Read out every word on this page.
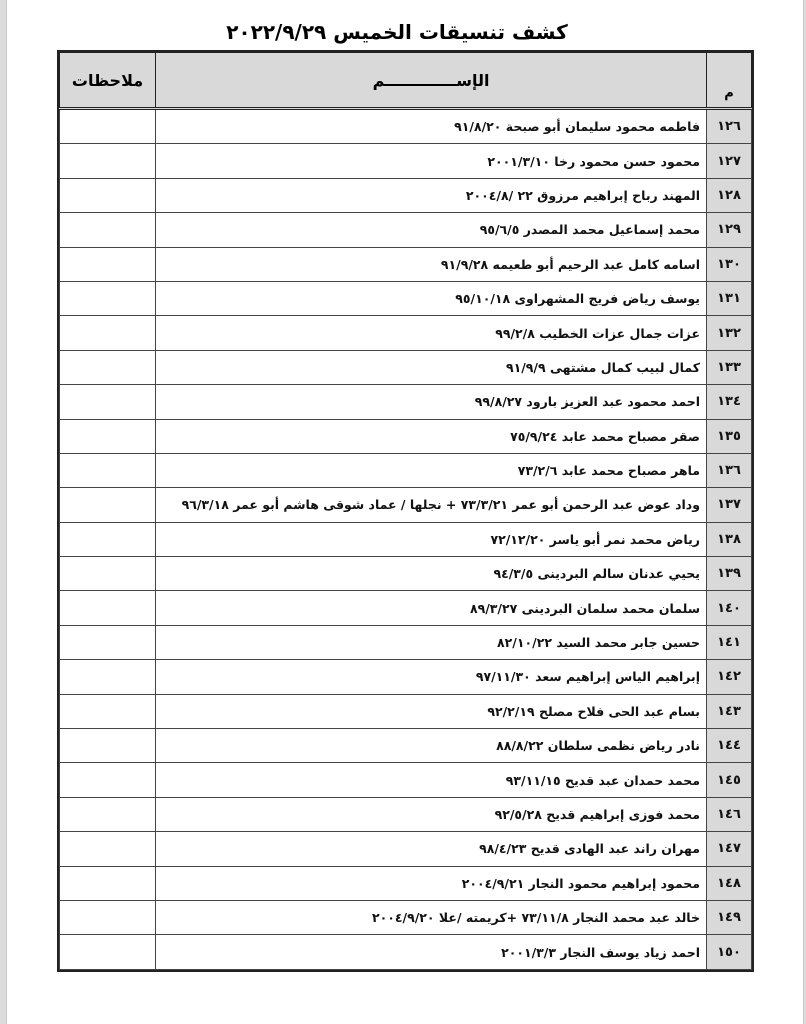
كشف تنسيقات الخميس ٢٠٢٢/٩/٢٩
م	الإســـــــــــــم	ملاحظات
١٢٦	فاطمه محمود سليمان أبو صبحة ٩١/٨/٢٠	
١٢٧	محمود حسن محمود رخا ٢٠٠١/٣/١٠	
١٢٨	المهند رباح إبراهيم مرزوق ٢٢ /٢٠٠٤/٨	
١٢٩	محمد إسماعيل محمد المصدر ٩٥/٦/٥	
١٣٠	اسامه كامل عبد الرحيم أبو طعيمه ٩١/٩/٢٨	
١٣١	يوسف رياض فريج المشهراوى ٩٥/١٠/١٨	
١٣٢	عزات جمال عزات الخطيب ٩٩/٢/٨	
١٣٣	كمال لبيب كمال مشتهى ٩١/٩/٩	
١٣٤	احمد محمود عبد العزيز بارود ٩٩/٨/٢٧	
١٣٥	صقر مصباح محمد عابد ٧٥/٩/٢٤	
١٣٦	ماهر مصباح محمد عابد ٧٣/٢/٦	
١٣٧	وداد عوض عبد الرحمن أبو عمر ٧٣/٣/٢١ + نجلها / عماد شوقى هاشم أبو عمر ٩٦/٣/١٨	
١٣٨	رياض محمد نمر أبو ياسر ٧٢/١٢/٢٠	
١٣٩	يحيي عدنان سالم البردينى ٩٤/٣/٥	
١٤٠	سلمان محمد سلمان البردينى ٨٩/٣/٢٧	
١٤١	حسين جابر محمد السيد ٨٢/١٠/٢٢	
١٤٢	إبراهيم الياس إبراهيم سعد ٩٧/١١/٣٠	
١٤٣	بسام عبد الحى فلاح مصلح ٩٢/٢/١٩	
١٤٤	نادر رياض نظمى سلطان ٨٨/٨/٢٢	
١٤٥	محمد حمدان عبد قديح ٩٣/١١/١٥	
١٤٦	محمد فوزى إبراهيم قديح ٩٢/٥/٢٨	
١٤٧	مهران راند عبد الهادى قديح ٩٨/٤/٢٣	
١٤٨	محمود إبراهيم محمود النجار ٢٠٠٤/٩/٢١	
١٤٩	خالد عبد محمد النجار ٧٣/١١/٨ +كريمته /علا ٢٠٠٤/٩/٢٠	
١٥٠	احمد زياد يوسف النجار ٢٠٠١/٣/٣	
